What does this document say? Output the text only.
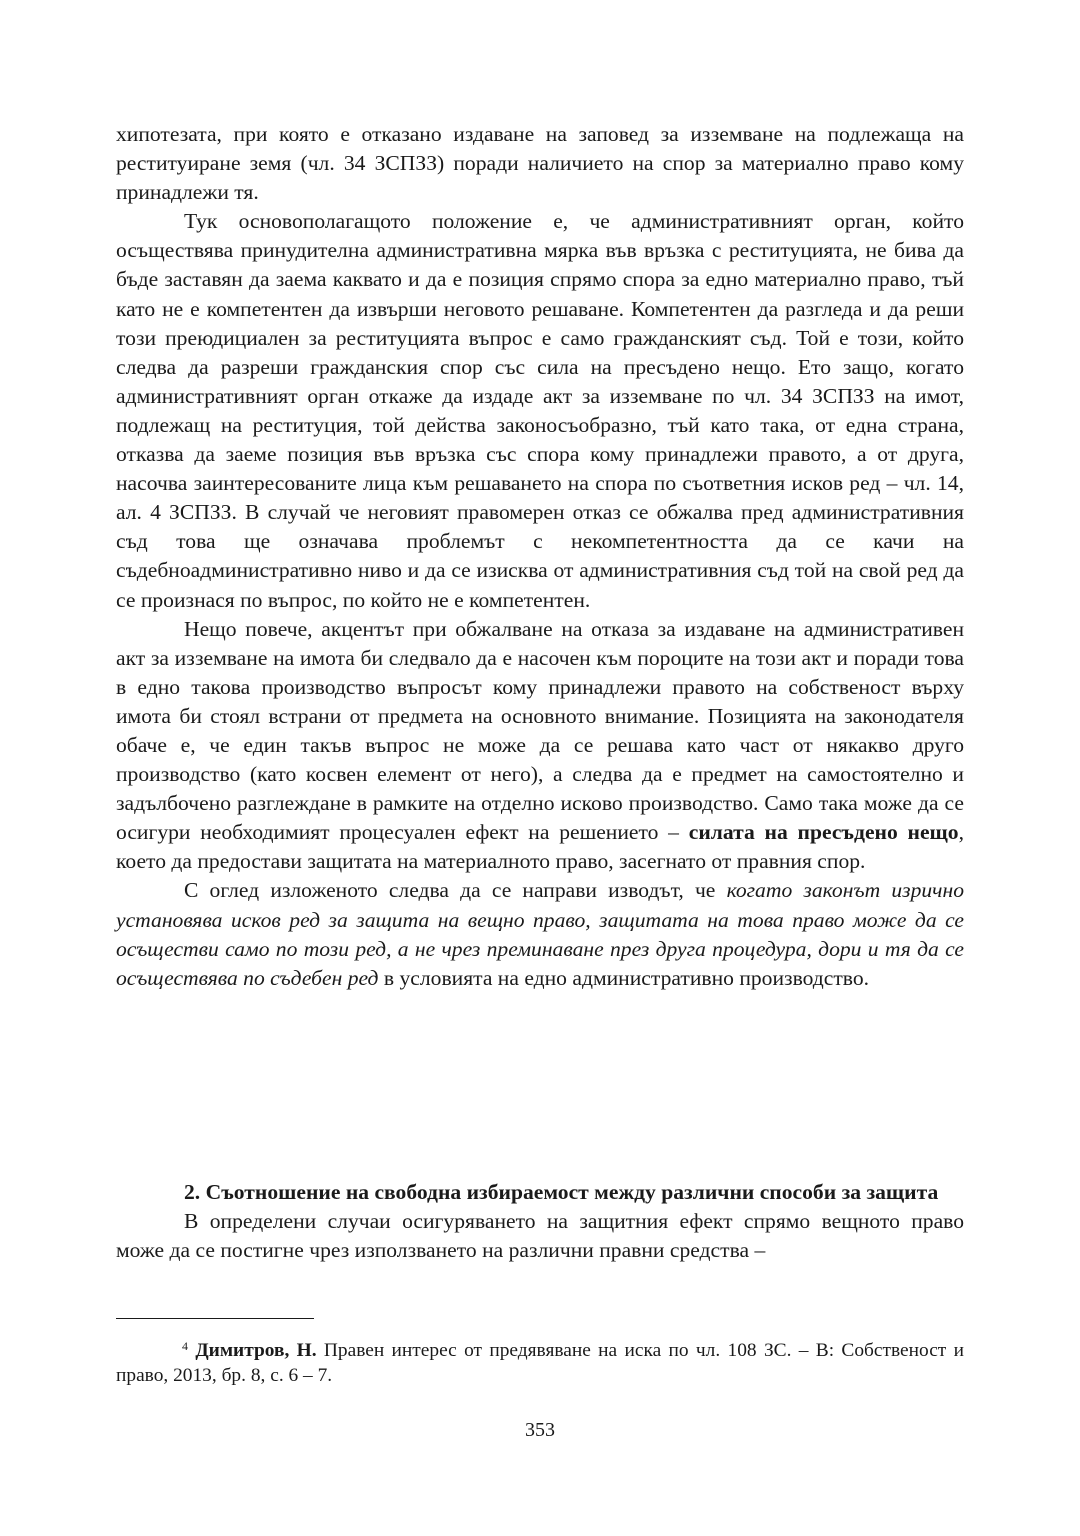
хипотезата, при която е отказано издаване на заповед за изземване на подлежаща на реституиране земя (чл. 34 ЗСПЗЗ) поради наличието на спор за материално право кому принадлежи тя.

Тук основополагащото положение е, че административният орган, който осъществява принудителна административна мярка във връзка с реституцията, не бива да бъде заставян да заема каквато и да е позиция спрямо спора за едно материално право, тъй като не е компетентен да извърши неговото решаване. Компетентен да разгледа и да реши този преюдициален за реституцията въпрос е само гражданският съд. Той е този, който следва да разреши гражданския спор със сила на пресъдено нещо. Ето защо, когато административният орган откаже да издаде акт за изземване по чл. 34 ЗСПЗЗ на имот, подлежащ на реституция, той действа законосъобразно, тъй като така, от една страна, отказва да заеме позиция във връзка със спора кому принадлежи правото, а от друга, насочва заинтересованите лица към решаването на спора по съответния исков ред – чл. 14, ал. 4 ЗСПЗЗ. В случай че неговият правомерен отказ се обжалва пред административния съд това ще означава проблемът с некомпетентността да се качи на съдебноадминистративно ниво и да се изисква от административния съд той на свой ред да се произнася по въпрос, по който не е компетентен.

Нещо повече, акцентът при обжалване на отказа за издаване на административен акт за изземване на имота би следвало да е насочен към пороците на този акт и поради това в едно такова производство въпросът кому принадлежи правото на собственост върху имота би стоял встрани от предмета на основното внимание. Позицията на законодателя обаче е, че един такъв въпрос не може да се решава като част от някакво друго производство (като косвен елемент от него), а следва да е предмет на самостоятелно и задълбочено разглеждане в рамките на отделно исково производство. Само така може да се осигури необходимият процесуален ефект на решението – силата на пресъдено нещо, което да предостави защитата на материалното право, засегнато от правния спор.

С оглед изложеното следва да се направи изводът, че когато законът изрично установява исков ред за защита на вещно право, защитата на това право може да се осъществи само по този ред, а не чрез преминаване през друга процедура, дори и тя да се осъществява по съдебен ред в условията на едно административно производство.

2. Съотношение на свободна избираемост между различни способи за защита

В определени случаи осигуряването на защитния ефект спрямо вещното право може да се постигне чрез използването на различни правни средства –

$^4$ Димитров, Н. Правен интерес от предявяване на иска по чл. 108 ЗС. – В: Собственост и право, 2013, бр. 8, с. 6 – 7.
353
